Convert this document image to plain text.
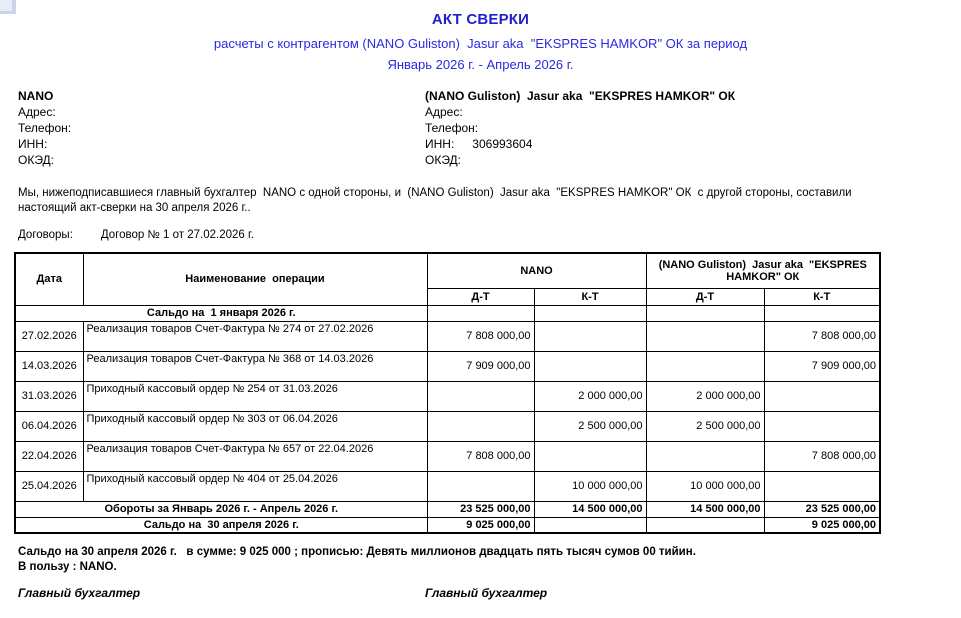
АКТ СВЕРКИ
расчеты с контрагентом (NANO Guliston)  Jasur aka  "EKSPRES HAMKOR" ОК за период
Январь 2026 г. - Апрель 2026 г.
NANO
Адрес:
Телефон:
ИНН:
ОКЭД:
(NANO Guliston)  Jasur aka  "EKSPRES HAMKOR" ОК
Адрес:
Телефон:
ИНН: 306993604
ОКЭД:
Мы, нижеподписавшиеся главный бухгалтер  NANO с одной стороны, и  (NANO Guliston)  Jasur aka  "EKSPRES HAMKOR" ОК  с другой стороны, составили настоящий акт-сверки на 30 апреля 2026 г..
Договоры: Договор № 1 от 27.02.2026 г.
Дата	Наименование  операции	NANO		(NANO Guliston)  Jasur aka  "EKSPRES HAMKOR" ОК	
		Д-Т	К-Т	Д-Т	К-Т
Сальдо на  1 января 2026 г.					
27.02.2026	Реализация товаров Счет-Фактура № 274 от 27.02.2026	7 808 000,00			7 808 000,00
14.03.2026	Реализация товаров Счет-Фактура № 368 от 14.03.2026	7 909 000,00			7 909 000,00
31.03.2026	Приходный кассовый ордер № 254 от 31.03.2026		2 000 000,00	2 000 000,00	
06.04.2026	Приходный кассовый ордер № 303 от 06.04.2026		2 500 000,00	2 500 000,00	
22.04.2026	Реализация товаров Счет-Фактура № 657 от 22.04.2026	7 808 000,00			7 808 000,00
25.04.2026	Приходный кассовый ордер № 404 от 25.04.2026		10 000 000,00	10 000 000,00	
Обороты за Январь 2026 г. - Апрель 2026 г.		23 525 000,00	14 500 000,00	14 500 000,00	23 525 000,00
Сальдо на  30 апреля 2026 г.		9 025 000,00			9 025 000,00
Сальдо на 30 апреля 2026 г.   в сумме: 9 025 000 ; прописью: Девять миллионов двадцать пять тысяч сумов 00 тийин.
В пользу : NANO.
Главный бухгалтер	Главный бухгалтер
